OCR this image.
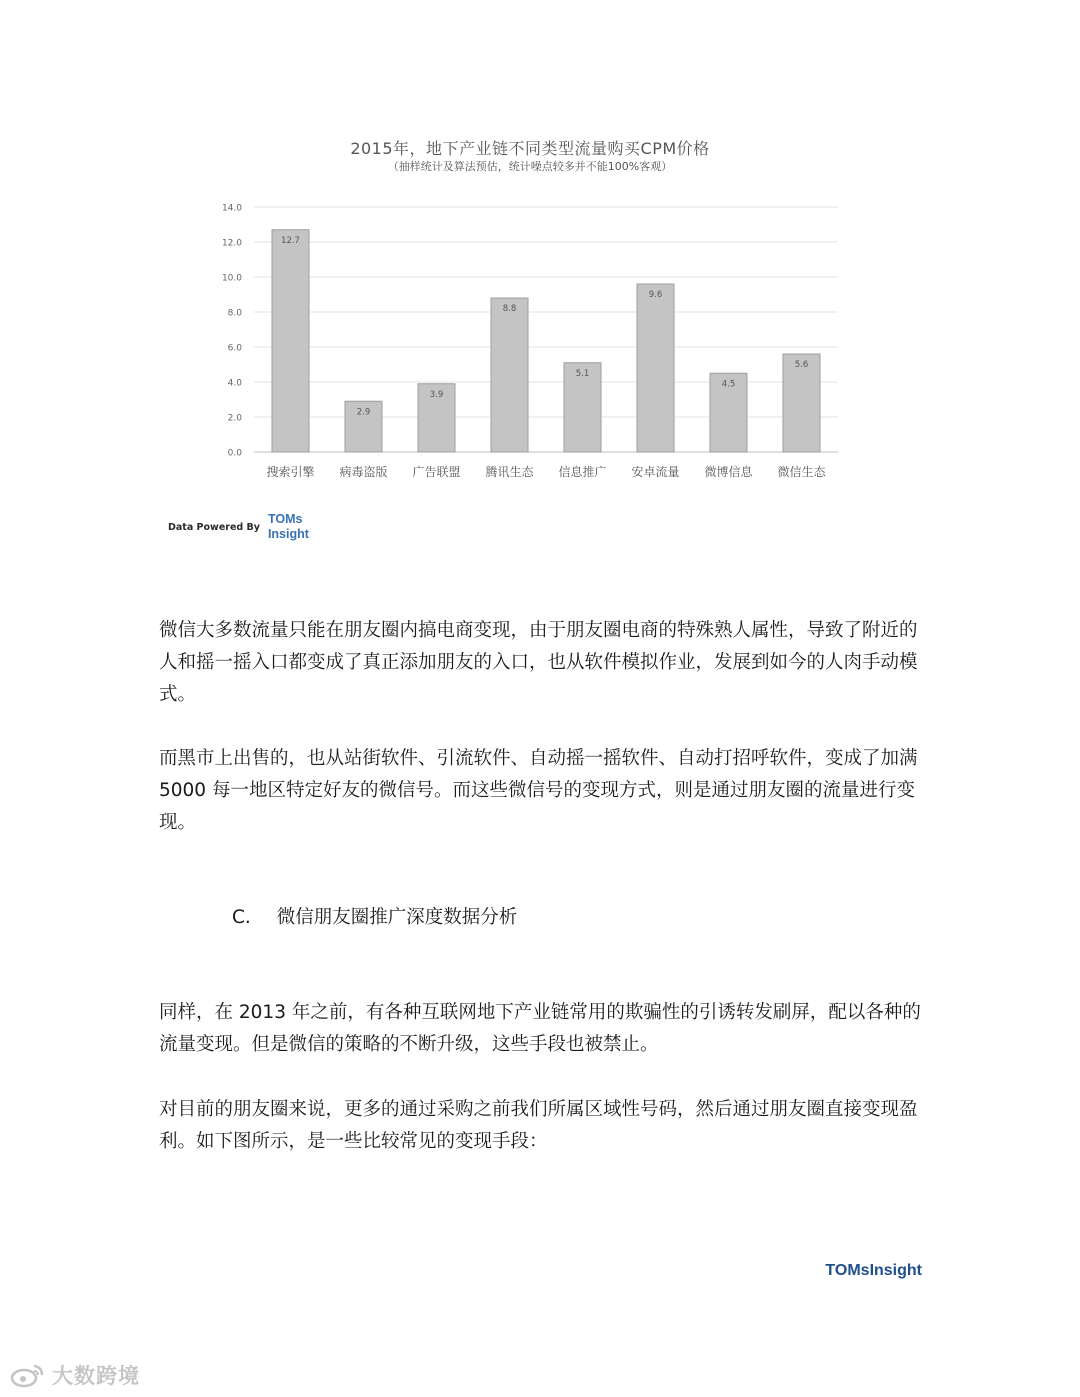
2015年，地下产业链不同类型流量购买CPM价格
（抽样统计及算法预估，统计噪点较多并不能100%客观）
0.0
2.0
4.0
6.0
8.0
10.0
12.0
14.0
12.7
搜索引擎
2.9
病毒盗版
3.9
广告联盟
8.8
腾讯生态
5.1
信息推广
9.6
安卓流量
4.5
微博信息
5.6
微信生态
Data Powered By
TOMs
Insight

微信大多数流量只能在朋友圈内搞电商变现，由于朋友圈电商的特殊熟人属性，导致了附近的人和摇一摇入口都变成了真正添加朋友的入口，也从软件模拟作业，发展到如今的人肉手动模式。

而黑市上出售的，也从站街软件、引流软件、自动摇一摇软件、自动打招呼软件，变成了加满5000 每一地区特定好友的微信号。而这些微信号的变现方式，则是通过朋友圈的流量进行变现。

C. 微信朋友圈推广深度数据分析

同样，在 2013 年之前，有各种互联网地下产业链常用的欺骗性的引诱转发刷屏，配以各种的流量变现。但是微信的策略的不断升级，这些手段也被禁止。

对目前的朋友圈来说，更多的通过采购之前我们所属区域性号码，然后通过朋友圈直接变现盈利。如下图所示，是一些比较常见的变现手段：

TOMsInsight
大数跨境
